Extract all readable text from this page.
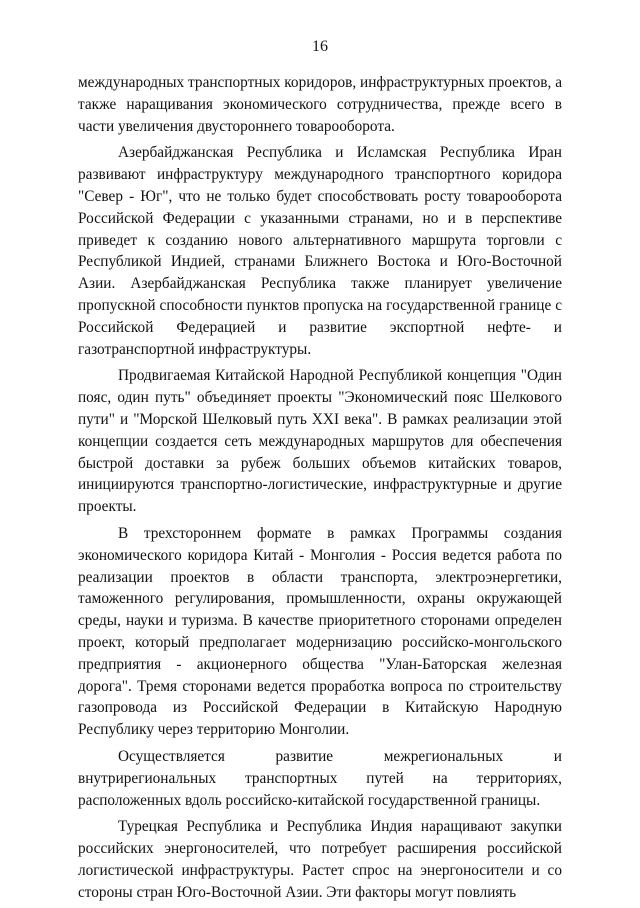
16

международных транспортных коридоров, инфраструктурных проектов, а также наращивания экономического сотрудничества, прежде всего в части увеличения двустороннего товарооборота.

Азербайджанская Республика и Исламская Республика Иран развивают инфраструктуру международного транспортного коридора "Север - Юг", что не только будет способствовать росту товарооборота Российской Федерации с указанными странами, но и в перспективе приведет к созданию нового альтернативного маршрута торговли с Республикой Индией, странами Ближнего Востока и Юго-Восточной Азии. Азербайджанская Республика также планирует увеличение пропускной способности пунктов пропуска на государственной границе с Российской Федерацией и развитие экспортной нефте- и газотранспортной инфраструктуры.

Продвигаемая Китайской Народной Республикой концепция "Один пояс, один путь" объединяет проекты "Экономический пояс Шелкового пути" и "Морской Шелковый путь XXI века". В рамках реализации этой концепции создается сеть международных маршрутов для обеспечения быстрой доставки за рубеж больших объемов китайских товаров, инициируются транспортно-логистические, инфраструктурные и другие проекты.

В трехстороннем формате в рамках Программы создания экономического коридора Китай - Монголия - Россия ведется работа по реализации проектов в области транспорта, электроэнергетики, таможенного регулирования, промышленности, охраны окружающей среды, науки и туризма. В качестве приоритетного сторонами определен проект, который предполагает модернизацию российско-монгольского предприятия - акционерного общества "Улан-Баторская железная дорога". Тремя сторонами ведется проработка вопроса по строительству газопровода из Российской Федерации в Китайскую Народную Республику через территорию Монголии.

Осуществляется развитие межрегиональных и внутрирегиональных транспортных путей на территориях, расположенных вдоль российско-китайской государственной границы.

Турецкая Республика и Республика Индия наращивают закупки российских энергоносителей, что потребует расширения российской логистической инфраструктуры. Растет спрос на энергоносители и со стороны стран Юго-Восточной Азии. Эти факторы могут повлиять
